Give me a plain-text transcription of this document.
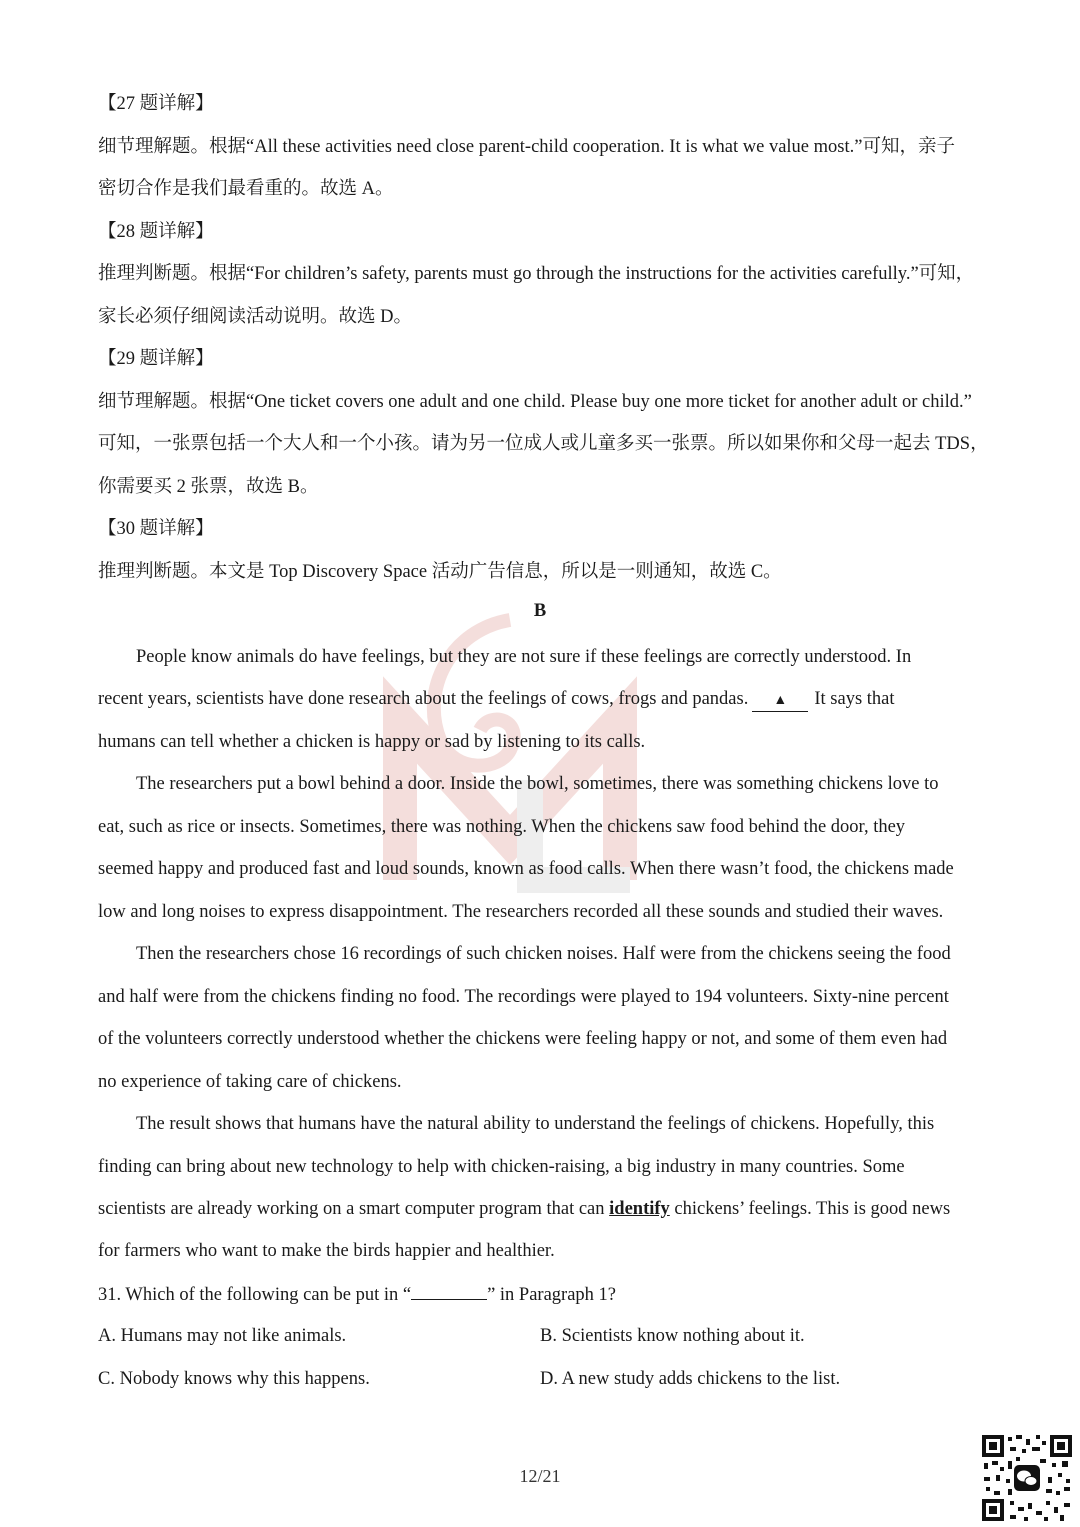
【27 题详解】
细节理解题。根据“All these activities need close parent-child cooperation. It is what we value most.”可知，亲子
密切合作是我们最看重的。故选 A。
【28 题详解】
推理判断题。根据“For children’s safety, parents must go through the instructions for the activities carefully.”可知，
家长必须仔细阅读活动说明。故选 D。
【29 题详解】
细节理解题。根据“One ticket covers one adult and one child. Please buy one more ticket for another adult or child.”
可知，一张票包括一个大人和一个小孩。请为另一位成人或儿童多买一张票。所以如果你和父母一起去 TDS，
你需要买 2 张票，故选 B。
【30 题详解】
推理判断题。本文是 Top Discovery Space 活动广告信息，所以是一则通知，故选 C。
B
People know animals do have feelings, but they are not sure if these feelings are correctly understood. In
recent years, scientists have done research about the feelings of cows, frogs and pandas. ▲ It says that
humans can tell whether a chicken is happy or sad by listening to its calls.
The researchers put a bowl behind a door. Inside the bowl, sometimes, there was something chickens love to
eat, such as rice or insects. Sometimes, there was nothing. When the chickens saw food behind the door, they
seemed happy and produced fast and loud sounds, known as food calls. When there wasn’t food, the chickens made
low and long noises to express disappointment. The researchers recorded all these sounds and studied their waves.
Then the researchers chose 16 recordings of such chicken noises. Half were from the chickens seeing the food
and half were from the chickens finding no food. The recordings were played to 194 volunteers. Sixty-nine percent
of the volunteers correctly understood whether the chickens were feeling happy or not, and some of them even had
no experience of taking care of chickens.
The result shows that humans have the natural ability to understand the feelings of chickens. Hopefully, this
finding can bring about new technology to help with chicken-raising, a big industry in many countries. Some
scientists are already working on a smart computer program that can identify chickens’ feelings. This is good news
for farmers who want to make the birds happier and healthier.
31. Which of the following can be put in “	” in Paragraph 1?
A. Humans may not like animals.	B. Scientists know nothing about it.
C. Nobody knows why this happens.	D. A new study adds chickens to the list.
12/21
